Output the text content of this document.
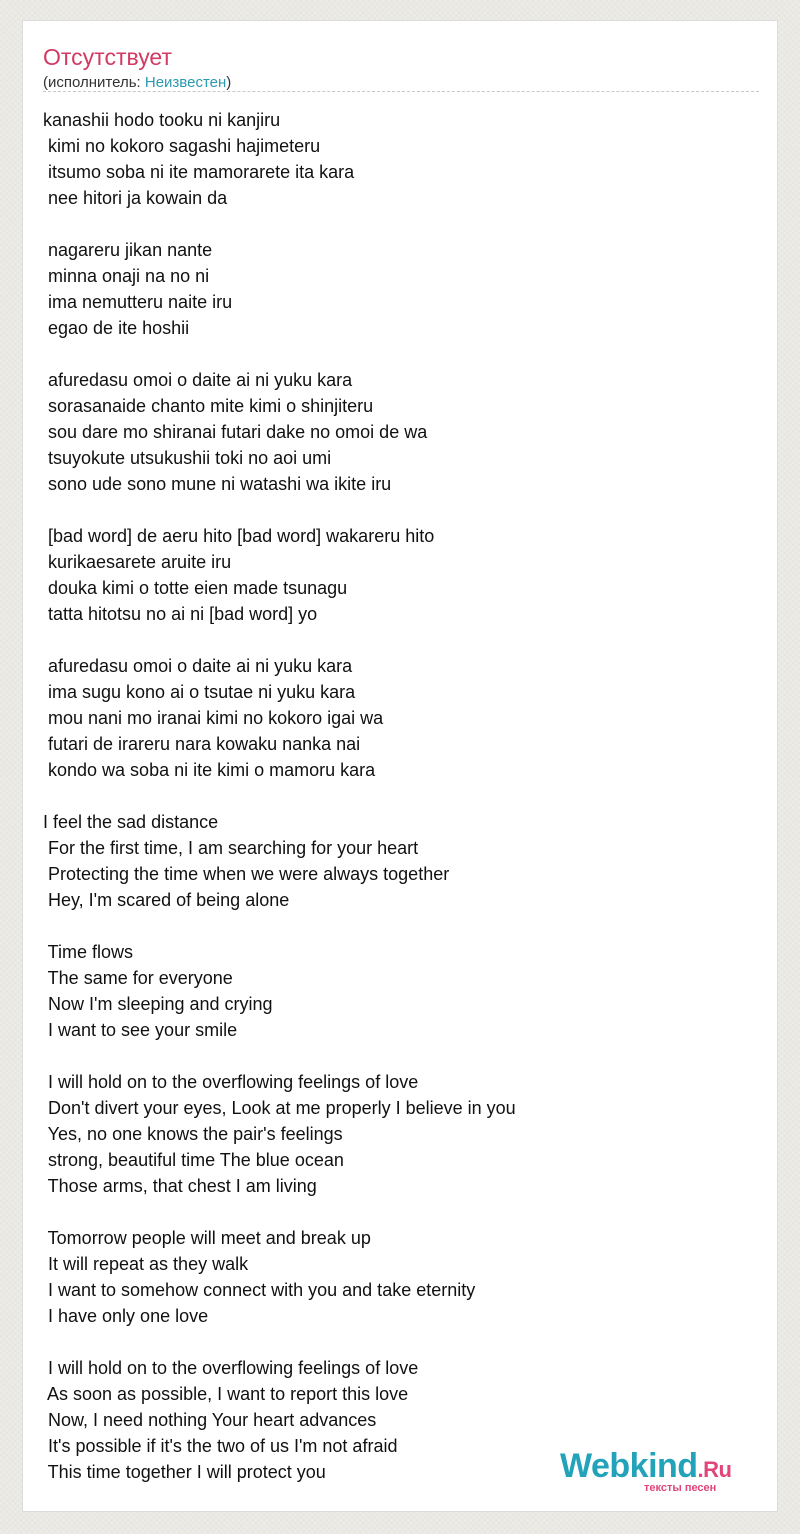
Отсутствует
(исполнитель: Неизвестен)
kanashii hodo tooku ni kanjiru
kimi no kokoro sagashi hajimeteru
itsumo soba ni ite mamorarete ita kara
nee hitori ja kowain da

nagareru jikan nante
minna onaji na no ni
ima nemutteru naite iru
egao de ite hoshii

afuredasu omoi o daite ai ni yuku kara
sorasanaide chanto mite kimi o shinjiteru
sou dare mo shiranai futari dake no omoi de wa
tsuyokute utsukushii toki no aoi umi
sono ude sono mune ni watashi wa ikite iru

[bad word] de aeru hito [bad word] wakareru hito
kurikaesarete aruite iru
douka kimi o totte eien made tsunagu
tatta hitotsu no ai ni [bad word] yo

afuredasu omoi o daite ai ni yuku kara
ima sugu kono ai o tsutae ni yuku kara
mou nani mo iranai kimi no kokoro igai wa
futari de irareru nara kowaku nanka nai
kondo wa soba ni ite kimi o mamoru kara

I feel the sad distance
For the first time, I am searching for your heart
Protecting the time when we were always together
Hey, I'm scared of being alone

Time flows
The same for everyone
Now I'm sleeping and crying
I want to see your smile

I will hold on to the overflowing feelings of love
Don't divert your eyes, Look at me properly I believe in you
Yes, no one knows the pair's feelings
strong, beautiful time The blue ocean
Those arms, that chest I am living

Tomorrow people will meet and break up
It will repeat as they walk
I want to somehow connect with you and take eternity
I have only one love

I will hold on to the overflowing feelings of love
As soon as possible, I want to report this love
Now, I need nothing Your heart advances
It's possible if it's the two of us I'm not afraid
This time together I will protect you	Webkind.Ru
тексты песен
